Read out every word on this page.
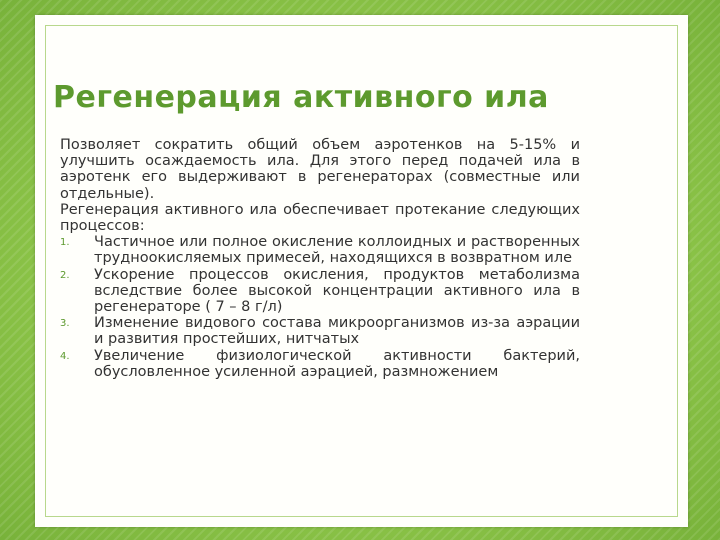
Регенерация активного ила

Позволяет сократить общий объем аэротенков на 5-15% и улучшить осаждаемость ила. Для этого перед подачей ила в аэротенк его выдерживают в регенераторах (совместные или отдельные).

Регенерация активного ила обеспечивает протекание следующих процессов:

1. Частичное или полное окисление коллоидных и растворенных трудноокисляемых примесей, находящихся в возвратном иле
2. Ускорение процессов окисления, продуктов метаболизма вследствие более высокой концентрации активного ила в регенераторе ( 7 – 8 г/л)
3. Изменение видового состава микроорганизмов из-за аэрации и развития простейших, нитчатых
4. Увеличение физиологической активности бактерий, обусловленное усиленной аэрацией, размножением
